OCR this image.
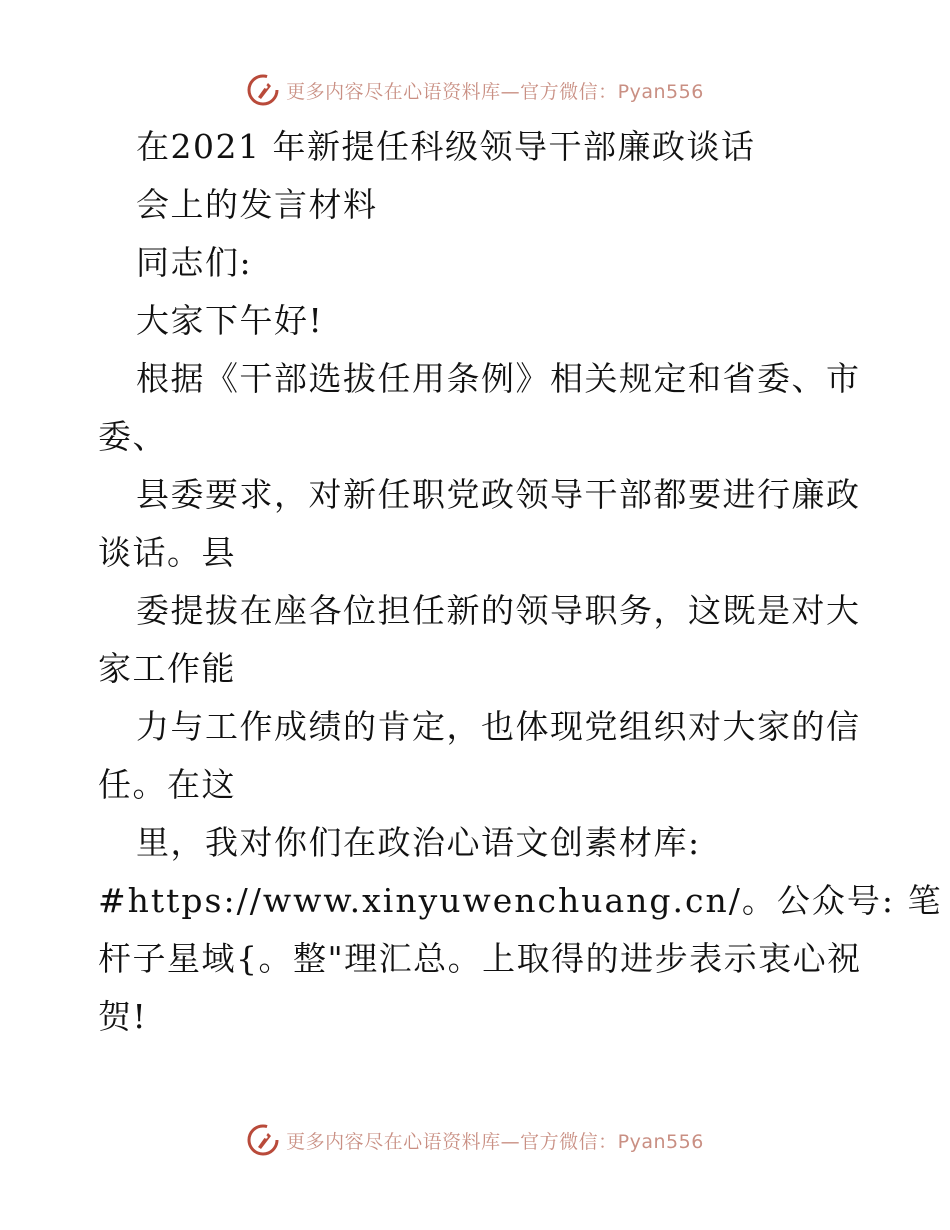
更多内容尽在心语资料库—官方微信：Pyan556
在2021 年新提任科级领导干部廉政谈话
会上的发言材料
同志们:
大家下午好!
根据《干部选拔任用条例》相关规定和省委、市
委、
县委要求，对新任职党政领导干部都要进行廉政
谈话。县
委提拔在座各位担任新的领导职务，这既是对大
家工作能
力与工作成绩的肯定，也体现党组织对大家的信
任。在这
里，我对你们在政治心语文创素材库:
#https://www.xinyuwenchuang.cn/。公众号: 笔
杆子星域{。整"理汇总。上取得的进步表示衷心祝
贺!
更多内容尽在心语资料库—官方微信：Pyan556
